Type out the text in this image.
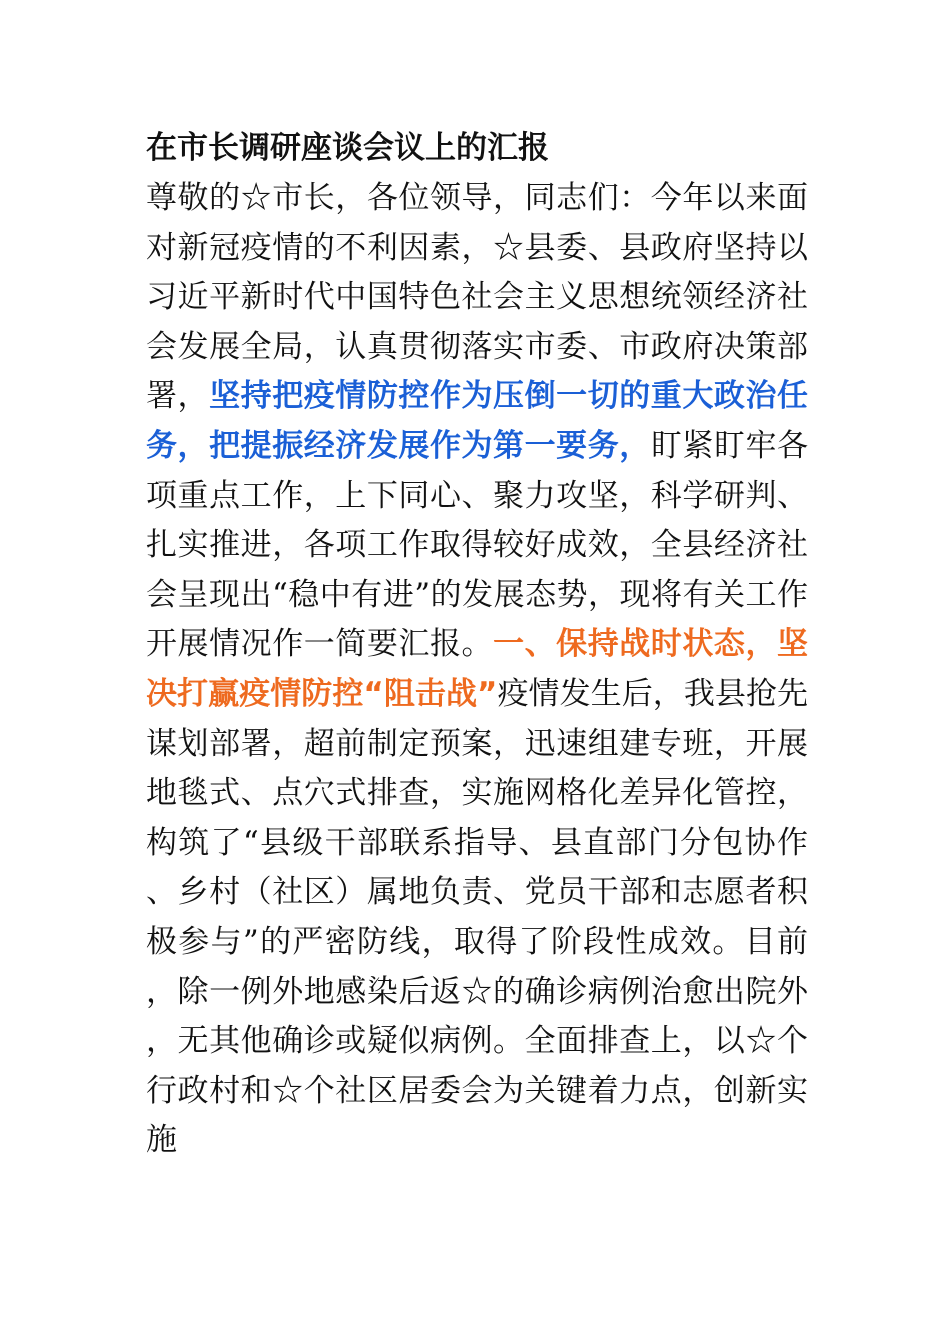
在市长调研座谈会议上的汇报

尊敬的☆市长，各位领导，同志们：今年以来面对新冠疫情的不利因素，☆县委、县政府坚持以习近平新时代中国特色社会主义思想统领经济社会发展全局，认真贯彻落实市委、市政府决策部署，坚持把疫情防控作为压倒一切的重大政治任务，把提振经济发展作为第一要务，盯紧盯牢各项重点工作，上下同心、聚力攻坚，科学研判、扎实推进，各项工作取得较好成效，全县经济社会呈现出“稳中有进”的发展态势，现将有关工作开展情况作一简要汇报。一、保持战时状态，坚决打赢疫情防控“阻击战”疫情发生后，我县抢先谋划部署，超前制定预案，迅速组建专班，开展地毯式、点穴式排查，实施网格化差异化管控，构筑了“县级干部联系指导、县直部门分包协作、乡村（社区）属地负责、党员干部和志愿者积极参与”的严密防线，取得了阶段性成效。目前，除一例外地感染后返☆的确诊病例治愈出院外，无其他确诊或疑似病例。全面排查上，以☆个行政村和☆个社区居委会为关键着力点，创新实施
